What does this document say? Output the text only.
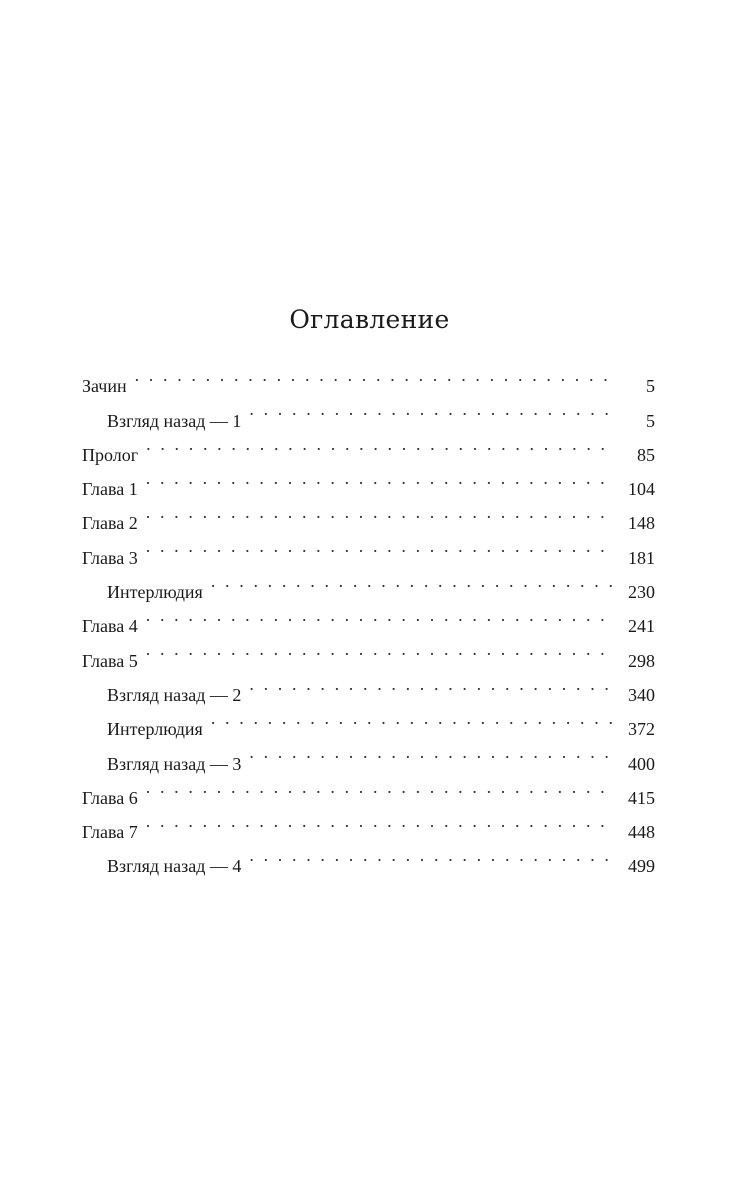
Оглавление
Зачин . . .	5
Взгляд назад — 1 . . .	5
Пролог . . .	85
Глава 1 . . .	104
Глава 2 . . .	148
Глава 3 . . .	181
Интерлюдия . . .	230
Глава 4 . . .	241
Глава 5 . . .	298
Взгляд назад — 2 . . .	340
Интерлюдия . . .	372
Взгляд назад — 3 . . .	400
Глава 6 . . .	415
Глава 7 . . .	448
Взгляд назад — 4 . . .	499
